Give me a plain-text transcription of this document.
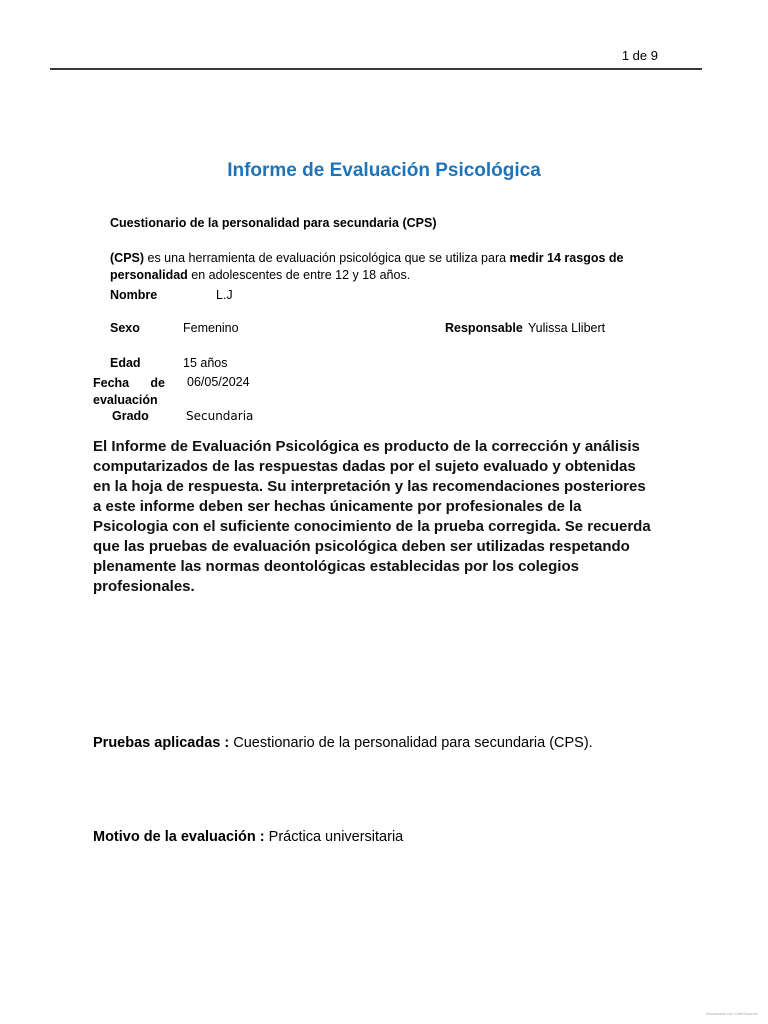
1 de 9
Informe de Evaluación Psicológica
Cuestionario de la personalidad para secundaria (CPS)
(CPS) es una herramienta de evaluación psicológica que se utiliza para medir 14 rasgos de personalidad en adolescentes de entre 12 y 18 años.
Nombre	L.J
Sexo	Femenino	Responsable Yulissa Llibert
Edad	15 años
Fecha de
evaluación
06/05/2024
Grado	Secundaria
El Informe de Evaluación Psicológica es producto de la corrección y análisis computarizados de las respuestas dadas por el sujeto evaluado y obtenidas en la hoja de respuesta. Su interpretación y las recomendaciones posteriores a este informe deben ser hechas únicamente por profesionales de la Psicologia con el suficiente conocimiento de la prueba corregida. Se recuerda que las pruebas de evaluación psicológica deben ser utilizadas respetando plenamente las normas deontológicas establecidas por los colegios profesionales.
Pruebas aplicadas : Cuestionario de la personalidad para secundaria (CPS).
Motivo de la evaluación : Práctica universitaria
Escaneado con CamScanner
